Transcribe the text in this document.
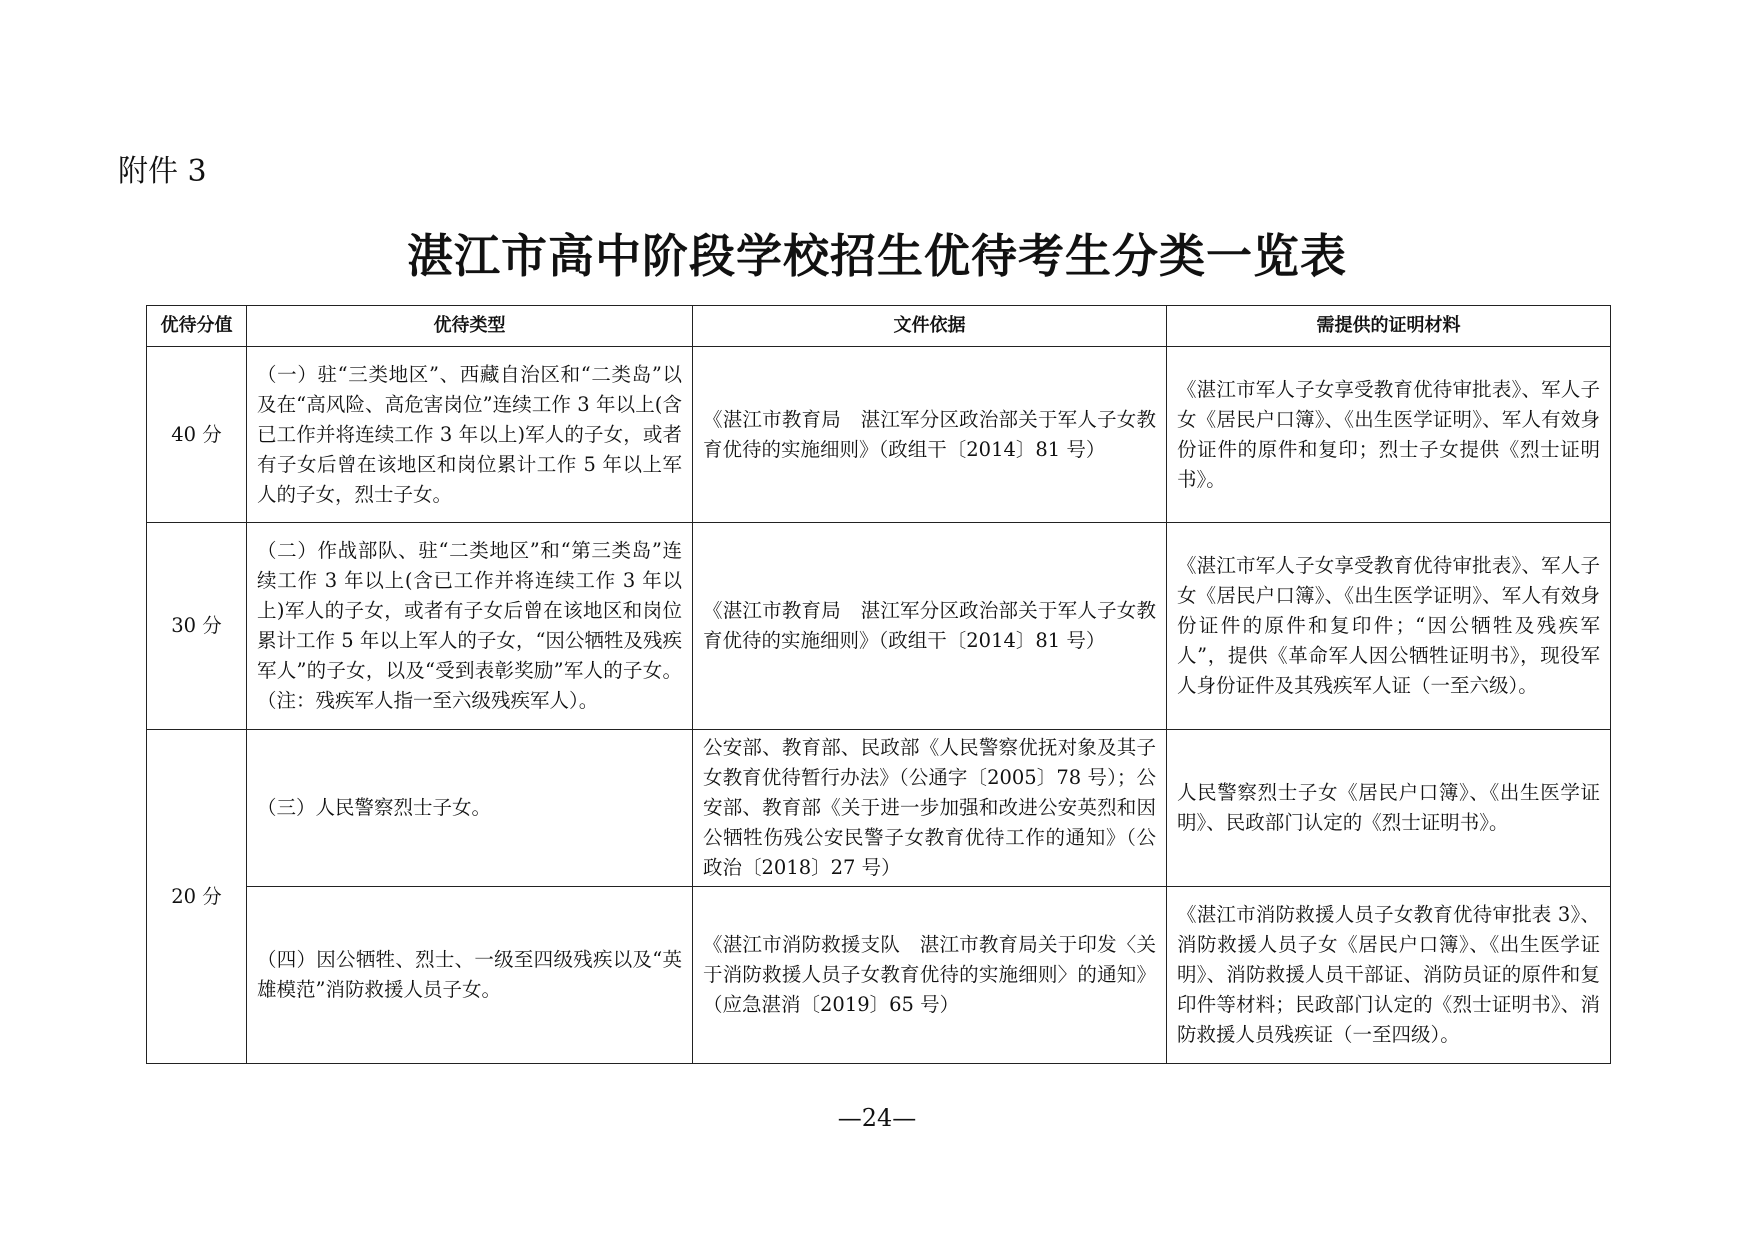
附件 3
湛江市高中阶段学校招生优待考生分类一览表
优待分值	优待类型	文件依据	需提供的证明材料
40 分	（一）驻“三类地区”、西藏自治区和“二类岛”以及在“高风险、高危害岗位”连续工作 3 年以上(含已工作并将连续工作 3 年以上)军人的子女，或者有子女后曾在该地区和岗位累计工作 5 年以上军人的子女，烈士子女。	《湛江市教育局　湛江军分区政治部关于军人子女教育优待的实施细则》（政组干〔2014〕81 号）	《湛江市军人子女享受教育优待审批表》、军人子女《居民户口簿》、《出生医学证明》、军人有效身份证件的原件和复印；烈士子女提供《烈士证明书》。
30 分	（二）作战部队、驻“二类地区”和“第三类岛”连续工作 3 年以上(含已工作并将连续工作 3 年以上)军人的子女，或者有子女后曾在该地区和岗位累计工作 5 年以上军人的子女，“因公牺牲及残疾军人”的子女，以及“受到表彰奖励”军人的子女。（注：残疾军人指一至六级残疾军人）。	《湛江市教育局　湛江军分区政治部关于军人子女教育优待的实施细则》（政组干〔2014〕81 号）	《湛江市军人子女享受教育优待审批表》、军人子女《居民户口簿》、《出生医学证明》、军人有效身份证件的原件和复印件；“因公牺牲及残疾军人”，提供《革命军人因公牺牲证明书》，现役军人身份证件及其残疾军人证（一至六级）。
20 分	（三）人民警察烈士子女。	公安部、教育部、民政部《人民警察优抚对象及其子女教育优待暂行办法》（公通字〔2005〕78 号）；公安部、教育部《关于进一步加强和改进公安英烈和因公牺牲伤残公安民警子女教育优待工作的通知》（公政治〔2018〕27 号）	人民警察烈士子女《居民户口簿》、《出生医学证明》、民政部门认定的《烈士证明书》。
	（四）因公牺牲、烈士、一级至四级残疾以及“英雄模范”消防救援人员子女。	《湛江市消防救援支队　湛江市教育局关于印发〈关于消防救援人员子女教育优待的实施细则〉的通知》（应急湛消〔2019〕65 号）	《湛江市消防救援人员子女教育优待审批表 3》、消防救援人员子女《居民户口簿》、《出生医学证明》、消防救援人员干部证、消防员证的原件和复印件等材料；民政部门认定的《烈士证明书》、消防救援人员残疾证（一至四级）。
—24—
